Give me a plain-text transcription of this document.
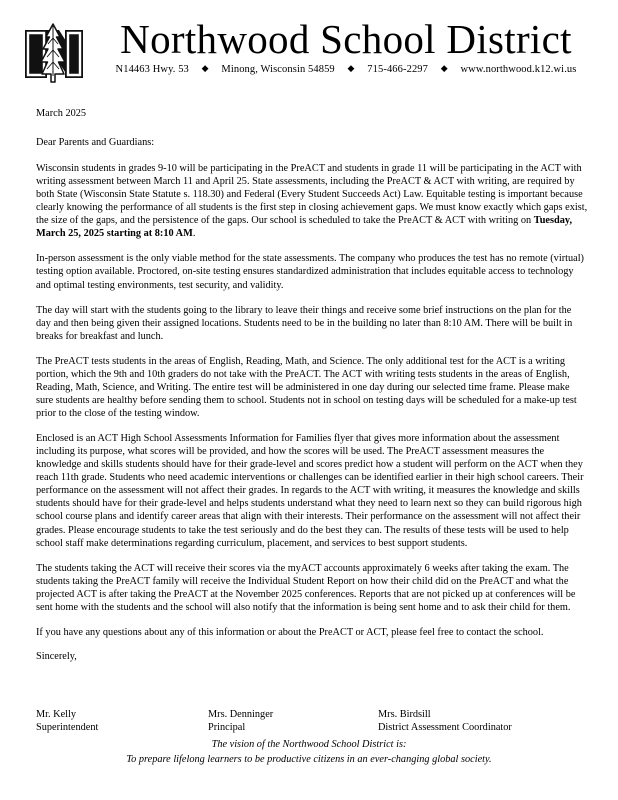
Northwood School District
N14463 Hwy. 53 ◆ Minong, Wisconsin 54859 ◆ 715-466-2297 ◆ www.northwood.k12.wi.us
March 2025
Dear Parents and Guardians:

Wisconsin students in grades 9-10 will be participating in the PreACT and students in grade 11 will be participating in the ACT with writing assessment between March 11 and April 25. State assessments, including the PreACT & ACT with writing, are required by both State (Wisconsin State Statute s. 118.30) and Federal (Every Student Succeeds Act) Law. Equitable testing is important because clearly knowing the performance of all students is the first step in closing achievement gaps. We must know exactly which gaps exist, the size of the gaps, and the persistence of the gaps. Our school is scheduled to take the PreACT & ACT with writing on Tuesday, March 25, 2025 starting at 8:10 AM.

In-person assessment is the only viable method for the state assessments. The company who produces the test has no remote (virtual) testing option available. Proctored, on-site testing ensures standardized administration that includes equitable access to technology and optimal testing environments, test security, and validity.

The day will start with the students going to the library to leave their things and receive some brief instructions on the plan for the day and then being given their assigned locations. Students need to be in the building no later than 8:10 AM. There will be built in breaks for breakfast and lunch.

The PreACT tests students in the areas of English, Reading, Math, and Science. The only additional test for the ACT is a writing portion, which the 9th and 10th graders do not take with the PreACT. The ACT with writing tests students in the areas of English, Reading, Math, Science, and Writing. The entire test will be administered in one day during our selected time frame. Please make sure students are healthy before sending them to school. Students not in school on testing days will be scheduled for a make-up test prior to the close of the testing window.

Enclosed is an ACT High School Assessments Information for Families flyer that gives more information about the assessment including its purpose, what scores will be provided, and how the scores will be used. The PreACT assessment measures the knowledge and skills students should have for their grade-level and scores predict how a student will perform on the ACT when they reach 11th grade. Students who need academic interventions or challenges can be identified earlier in their high school careers. Their performance on the assessment will not affect their grades. In regards to the ACT with writing, it measures the knowledge and skills students should have for their grade-level and helps students understand what they need to learn next so they can build rigorous high school course plans and identify career areas that align with their interests. Their performance on the assessment will not affect their grades. Please encourage students to take the test seriously and do the best they can. The results of these tests will be used to help school staff make determinations regarding curriculum, placement, and services to best support students.

The students taking the ACT will receive their scores via the myACT accounts approximately 6 weeks after taking the exam. The students taking the PreACT family will receive the Individual Student Report on how their child did on the PreACT and what the projected ACT is after taking the PreACT at the November 2025 conferences. Reports that are not picked up at conferences will be sent home with the students and the school will also notify that the information is being sent home and to ask their child for them.

If you have any questions about any of this information or about the PreACT or ACT, please feel free to contact the school.

Sincerely,
Mr. Kelly
Superintendent
Mrs. Denninger
Principal
Mrs. Birdsill
District Assessment Coordinator
The vision of the Northwood School District is:
To prepare lifelong learners to be productive citizens in an ever-changing global society.
